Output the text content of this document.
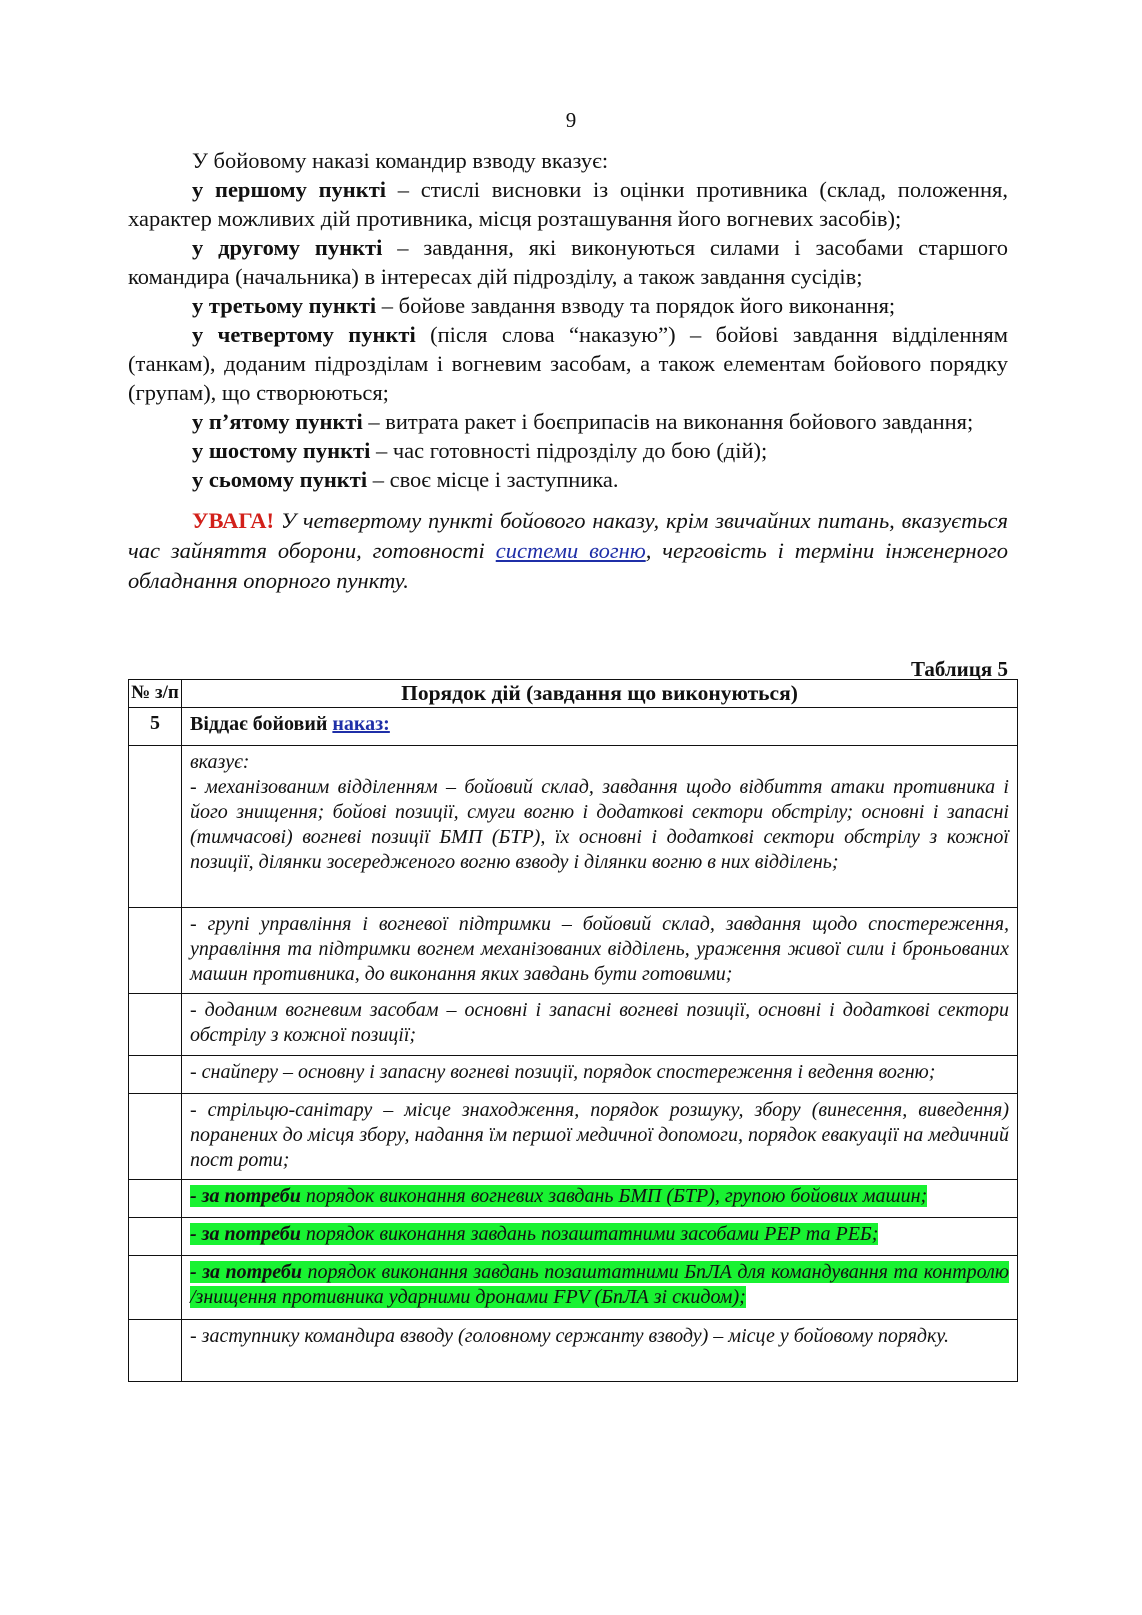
9

У бойовому наказі командир взводу вказує:

у першому пункті – стислі висновки із оцінки противника (склад, положення, характер можливих дій противника, місця розташування його вогневих засобів);

у другому пункті – завдання, які виконуються силами і засобами старшого командира (начальника) в інтересах дій підрозділу, а також завдання сусідів;

у третьому пункті – бойове завдання взводу та порядок його виконання;

у четвертому пункті (після слова “наказую”) – бойові завдання відділенням (танкам), доданим підрозділам і вогневим засобам, а також елементам бойового порядку (групам), що створюються;

у п’ятому пункті – витрата ракет і боєприпасів на виконання бойового завдання;

у шостому пункті – час готовності підрозділу до бою (дій);

у сьомому пункті – своє місце і заступника.

УВАГА! У четвертому пункті бойового наказу, крім звичайних питань, вказується час зайняття оборони, готовності системи вогню, черговість і терміни інженерного обладнання опорного пункту.

Таблиця 5
№ з/п	Порядок дій (завдання що виконуються)
5	Віддає бойовий наказ:

	вказує:
- механізованим відділенням – бойовий склад, завдання щодо відбиття атаки противника і його знищення; бойові позиції, смуги вогню і додаткові сектори обстрілу; основні і запасні (тимчасові) вогневі позиції БМП (БТР), їх основні і додаткові сектори обстрілу з кожної позиції, ділянки зосередженого вогню взводу і ділянки вогню в них відділень;

	- групі управління і вогневої підтримки – бойовий склад, завдання щодо спостереження, управління та підтримки вогнем механізованих відділень, ураження живої сили і броньованих машин противника, до виконання яких завдань бути готовими;
	- доданим вогневим засобам – основні і запасні вогневі позиції, основні і додаткові сектори обстрілу з кожної позиції;
	- снайперу – основну і запасну вогневі позиції, порядок спостереження і ведення вогню;
	- стрільцю-санітару – місце знаходження, порядок розшуку, збору (винесення, виведення) поранених до місця збору, надання їм першої медичної допомоги, порядок евакуації на медичний пост роти;
	- за потреби порядок виконання вогневих завдань БМП (БТР), групою бойових машин;
	- за потреби порядок виконання завдань позаштатними засобами РЕР та РЕБ;
	- за потреби порядок виконання завдань позаштатними БпЛА для командування та контролю /знищення противника ударними дронами FPV (БпЛА зі скидом);
	- заступнику командира взводу (головному сержанту взводу) – місце у бойовому порядку.
